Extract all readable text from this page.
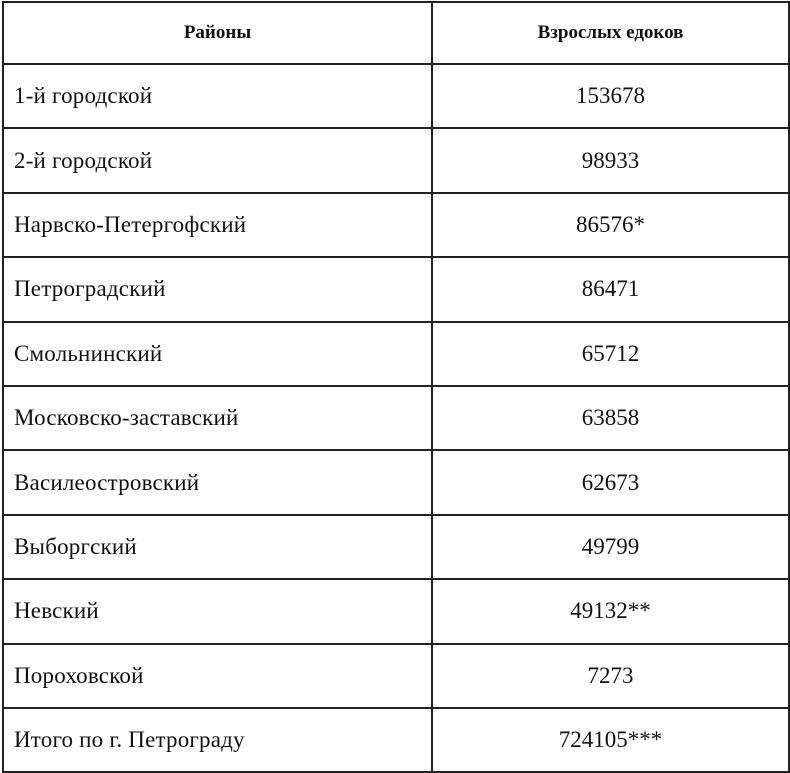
Районы	Взрослых едоков
1-й городской	153678
2-й городской	98933
Нарвско-Петергофский	86576*
Петроградский	86471
Смольнинский	65712
Московско-заставский	63858
Василеостровский	62673
Выборгский	49799
Невский	49132**
Пороховской	7273
Итого по г. Петрограду	724105***
